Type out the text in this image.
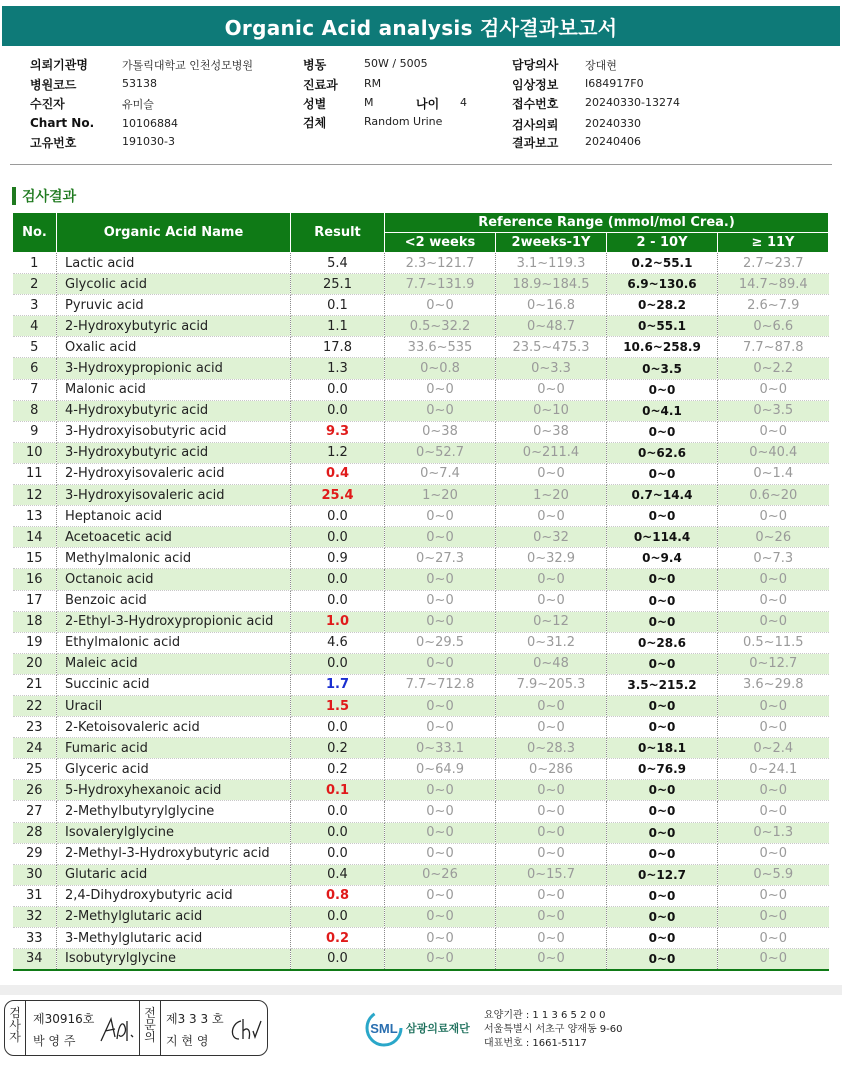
Organic Acid analysis 검사결과보고서
의뢰기관명	가톨릭대학교 인천성모병원
병원코드	53138
수진자	유미슬
Chart No.	10106884
고유번호	191030-3
병동	50W / 5005
진료과 RM
성별	M	나이 4
검체	Random Urine
담당의사 장대현
임상정보 I684917F0
접수번호 20240330-13274
검사의뢰 20240330
결과보고 20240406
검사결과
No.	Organic Acid Name	Result	Reference Range (mmol/mol Crea.)			
			<2 weeks	2weeks-1Y	2 - 10Y	≥ 11Y
1	Lactic acid	5.4	2.3~121.7	3.1~119.3	0.2~55.1	2.7~23.7
2	Glycolic acid	25.1	7.7~131.9	18.9~184.5	6.9~130.6	14.7~89.4
3	Pyruvic acid	0.1	0~0	0~16.8	0~28.2	2.6~7.9
4	2-Hydroxybutyric acid	1.1	0.5~32.2	0~48.7	0~55.1	0~6.6
5	Oxalic acid	17.8	33.6~535	23.5~475.3	10.6~258.9	7.7~87.8
6	3-Hydroxypropionic acid	1.3	0~0.8	0~3.3	0~3.5	0~2.2
7	Malonic acid	0.0	0~0	0~0	0~0	0~0
8	4-Hydroxybutyric acid	0.0	0~0	0~10	0~4.1	0~3.5
9	3-Hydroxyisobutyric acid	9.3	0~38	0~38	0~0	0~0
10	3-Hydroxybutyric acid	1.2	0~52.7	0~211.4	0~62.6	0~40.4
11	2-Hydroxyisovaleric acid	0.4	0~7.4	0~0	0~0	0~1.4
12	3-Hydroxyisovaleric acid	25.4	1~20	1~20	0.7~14.4	0.6~20
13	Heptanoic acid	0.0	0~0	0~0	0~0	0~0
14	Acetoacetic acid	0.0	0~0	0~32	0~114.4	0~26
15	Methylmalonic acid	0.9	0~27.3	0~32.9	0~9.4	0~7.3
16	Octanoic acid	0.0	0~0	0~0	0~0	0~0
17	Benzoic acid	0.0	0~0	0~0	0~0	0~0
18	2-Ethyl-3-Hydroxypropionic acid	1.0	0~0	0~12	0~0	0~0
19	Ethylmalonic acid	4.6	0~29.5	0~31.2	0~28.6	0.5~11.5
20	Maleic acid	0.0	0~0	0~48	0~0	0~12.7
21	Succinic acid	1.7	7.7~712.8	7.9~205.3	3.5~215.2	3.6~29.8
22	Uracil	1.5	0~0	0~0	0~0	0~0
23	2-Ketoisovaleric acid	0.0	0~0	0~0	0~0	0~0
24	Fumaric acid	0.2	0~33.1	0~28.3	0~18.1	0~2.4
25	Glyceric acid	0.2	0~64.9	0~286	0~76.9	0~24.1
26	5-Hydroxyhexanoic acid	0.1	0~0	0~0	0~0	0~0
27	2-Methylbutyrylglycine	0.0	0~0	0~0	0~0	0~0
28	Isovalerylglycine	0.0	0~0	0~0	0~0	0~1.3
29	2-Methyl-3-Hydroxybutyric acid	0.0	0~0	0~0	0~0	0~0
30	Glutaric acid	0.4	0~26	0~15.7	0~12.7	0~5.9
31	2,4-Dihydroxybutyric acid	0.8	0~0	0~0	0~0	0~0
32	2-Methylglutaric acid	0.0	0~0	0~0	0~0	0~0
33	3-Methylglutaric acid	0.2	0~0	0~0	0~0	0~0
34	Isobutyrylglycine	0.0	0~0	0~0	0~0	0~0
검사자
제30916호
박 영 주
전문의
제3 3 3 호
지 현 영
SML 삼광의료재단
요양기관 : 1 1 3 6 5 2 0 0
서울특별시 서초구 양재동 9-60
대표번호 : 1661-5117
